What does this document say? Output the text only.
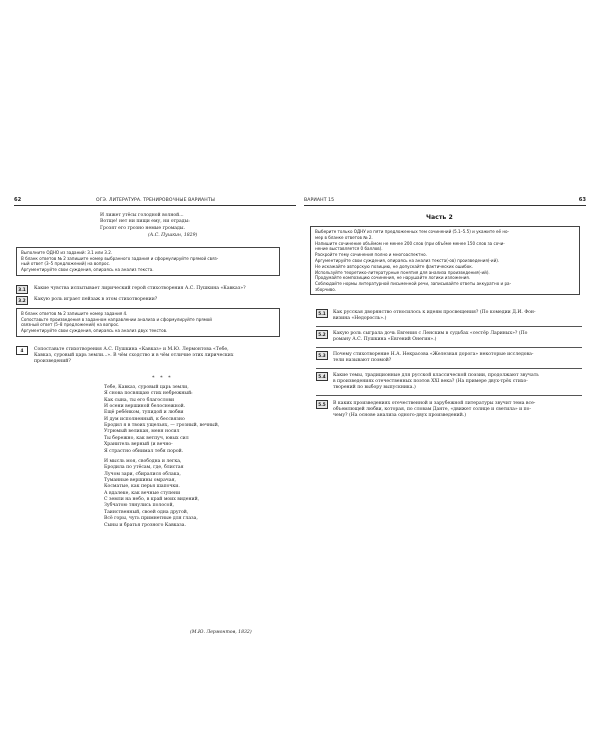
62	ОГЭ. ЛИТЕРАТУРА. ТРЕНИРОВОЧНЫЕ ВАРИАНТЫ
И лижет утёсы голодной волной...
Вотще! нет ни пищи ему, ни отрады:
Грозят его грозно немые громады.
(А.С. Пушкин, 1829)
Выполните ОДНО из заданий: 3.1 или 3.2.
В бланк ответов № 2 запишите номер выбранного задания и сформулируйте прямой связ-
ный ответ (3–5 предложений) на вопрос.
Аргументируйте свои суждения, опираясь на анализ текста.
3.1	Какие чувства испытывает лирический герой стихотворения А.С. Пушкина «Кавказ»?
3.2	Какую роль играет пейзаж в этом стихотворении?
В бланк ответов № 2 запишите номер задания 4.
Сопоставьте произведения в заданном направлении анализа и сформулируйте прямой
связный ответ (5–8 предложений) на вопрос.
Аргументируйте свои суждения, опираясь на анализ двух текстов.
4	Сопоставьте стихотворения А.С. Пушкина «Кавказ» и М.Ю. Лермонтова «Тебе,
Кавказ, суровый царь земли...». В чём сходство и в чём отличие этих лирических
произведений?
* * *
Тебе, Кавказ, суровый царь земли,
Я снова посвящаю стих небрежный:
Как сына, ты его благослови
И осени вершиной белоснежной.
Ещё ребёнком, тупидой и любви
И дум исполненный, к бессвязно
Бродил я в твоих ущельях, — грозный, вечный,
Угрюмый великан, меня носил
Ты бережно, как ветпуч, ювых сил
Хранитель верный (и вечно-
Я страстно обнимал тебя порой.
И мысль моя, свободна и легка,
Бродила по утёсам, где, блистая
Лучом зари, сбиралися облака,
Туманные вершины омрачая,
Косматые, как перья шапочки.
А вдалеке, как вечные ступени
С земли на небо, в край моих видений,
Зубчатою тянулись полосой,
Таинственный, своей одна другой,
Всё горы, чуть примнетные для глаза,
Сыны и братья грозного Кавказа.
(М.Ю. Лермонтов, 1832)
ВАРИАНТ 15	63
Часть 2
Выберите только ОДНУ из пяти предложенных тем сочинений (5.1–5.5) и укажите её но-
мер в бланке ответов № 2.
Напишите сочинение объёмом не менее 200 слов (при объёме менее 150 слов за сочи-
нение выставляется 0 баллов).
Раскройте тему сочинения полно и многоаспектно.
Аргументируйте свои суждения, опираясь на анализ текста(-ов) произведения(-ий).
Не искажайте авторскую позицию, не допускайте фактических ошибок.
Используйте теоретико-литературные понятия для анализа произведения(-ий).
Продумайте композицию сочинения, не нарушайте логики изложения.
Соблюдайте нормы литературной письменной речи, записывайте ответы аккуратно и ра-
зборчиво.
5.1	Как русская дворянство относилось к идеям просвещения? (По комедии Д.И. Фон-
визина «Недоросль».)
5.2	Какую роль сыграла дочь Евгения с Ленским в судьбах «сестёр Лариных»? (По
роману А.С. Пушкина «Евгений Онегин».)
5.3	Почему стихотворение Н.А. Некрасова «Железная дорога» некоторые исследова-
тели называют поэмой?
5.4	Какие темы, традиционные для русской классической поэзии, продолжают звучать
в произведениях отечественных поэтов XXI века? (На примере двух-трёх стихо-
творений по выбору выпускника.)
5.5	В каких произведениях отечественной и зарубежной литературы звучит тема все-
объемлющей любви, которая, по словам Данте, «движет солнце и светила» и по-
чему? (На основе анализа одного-двух произведений.)
